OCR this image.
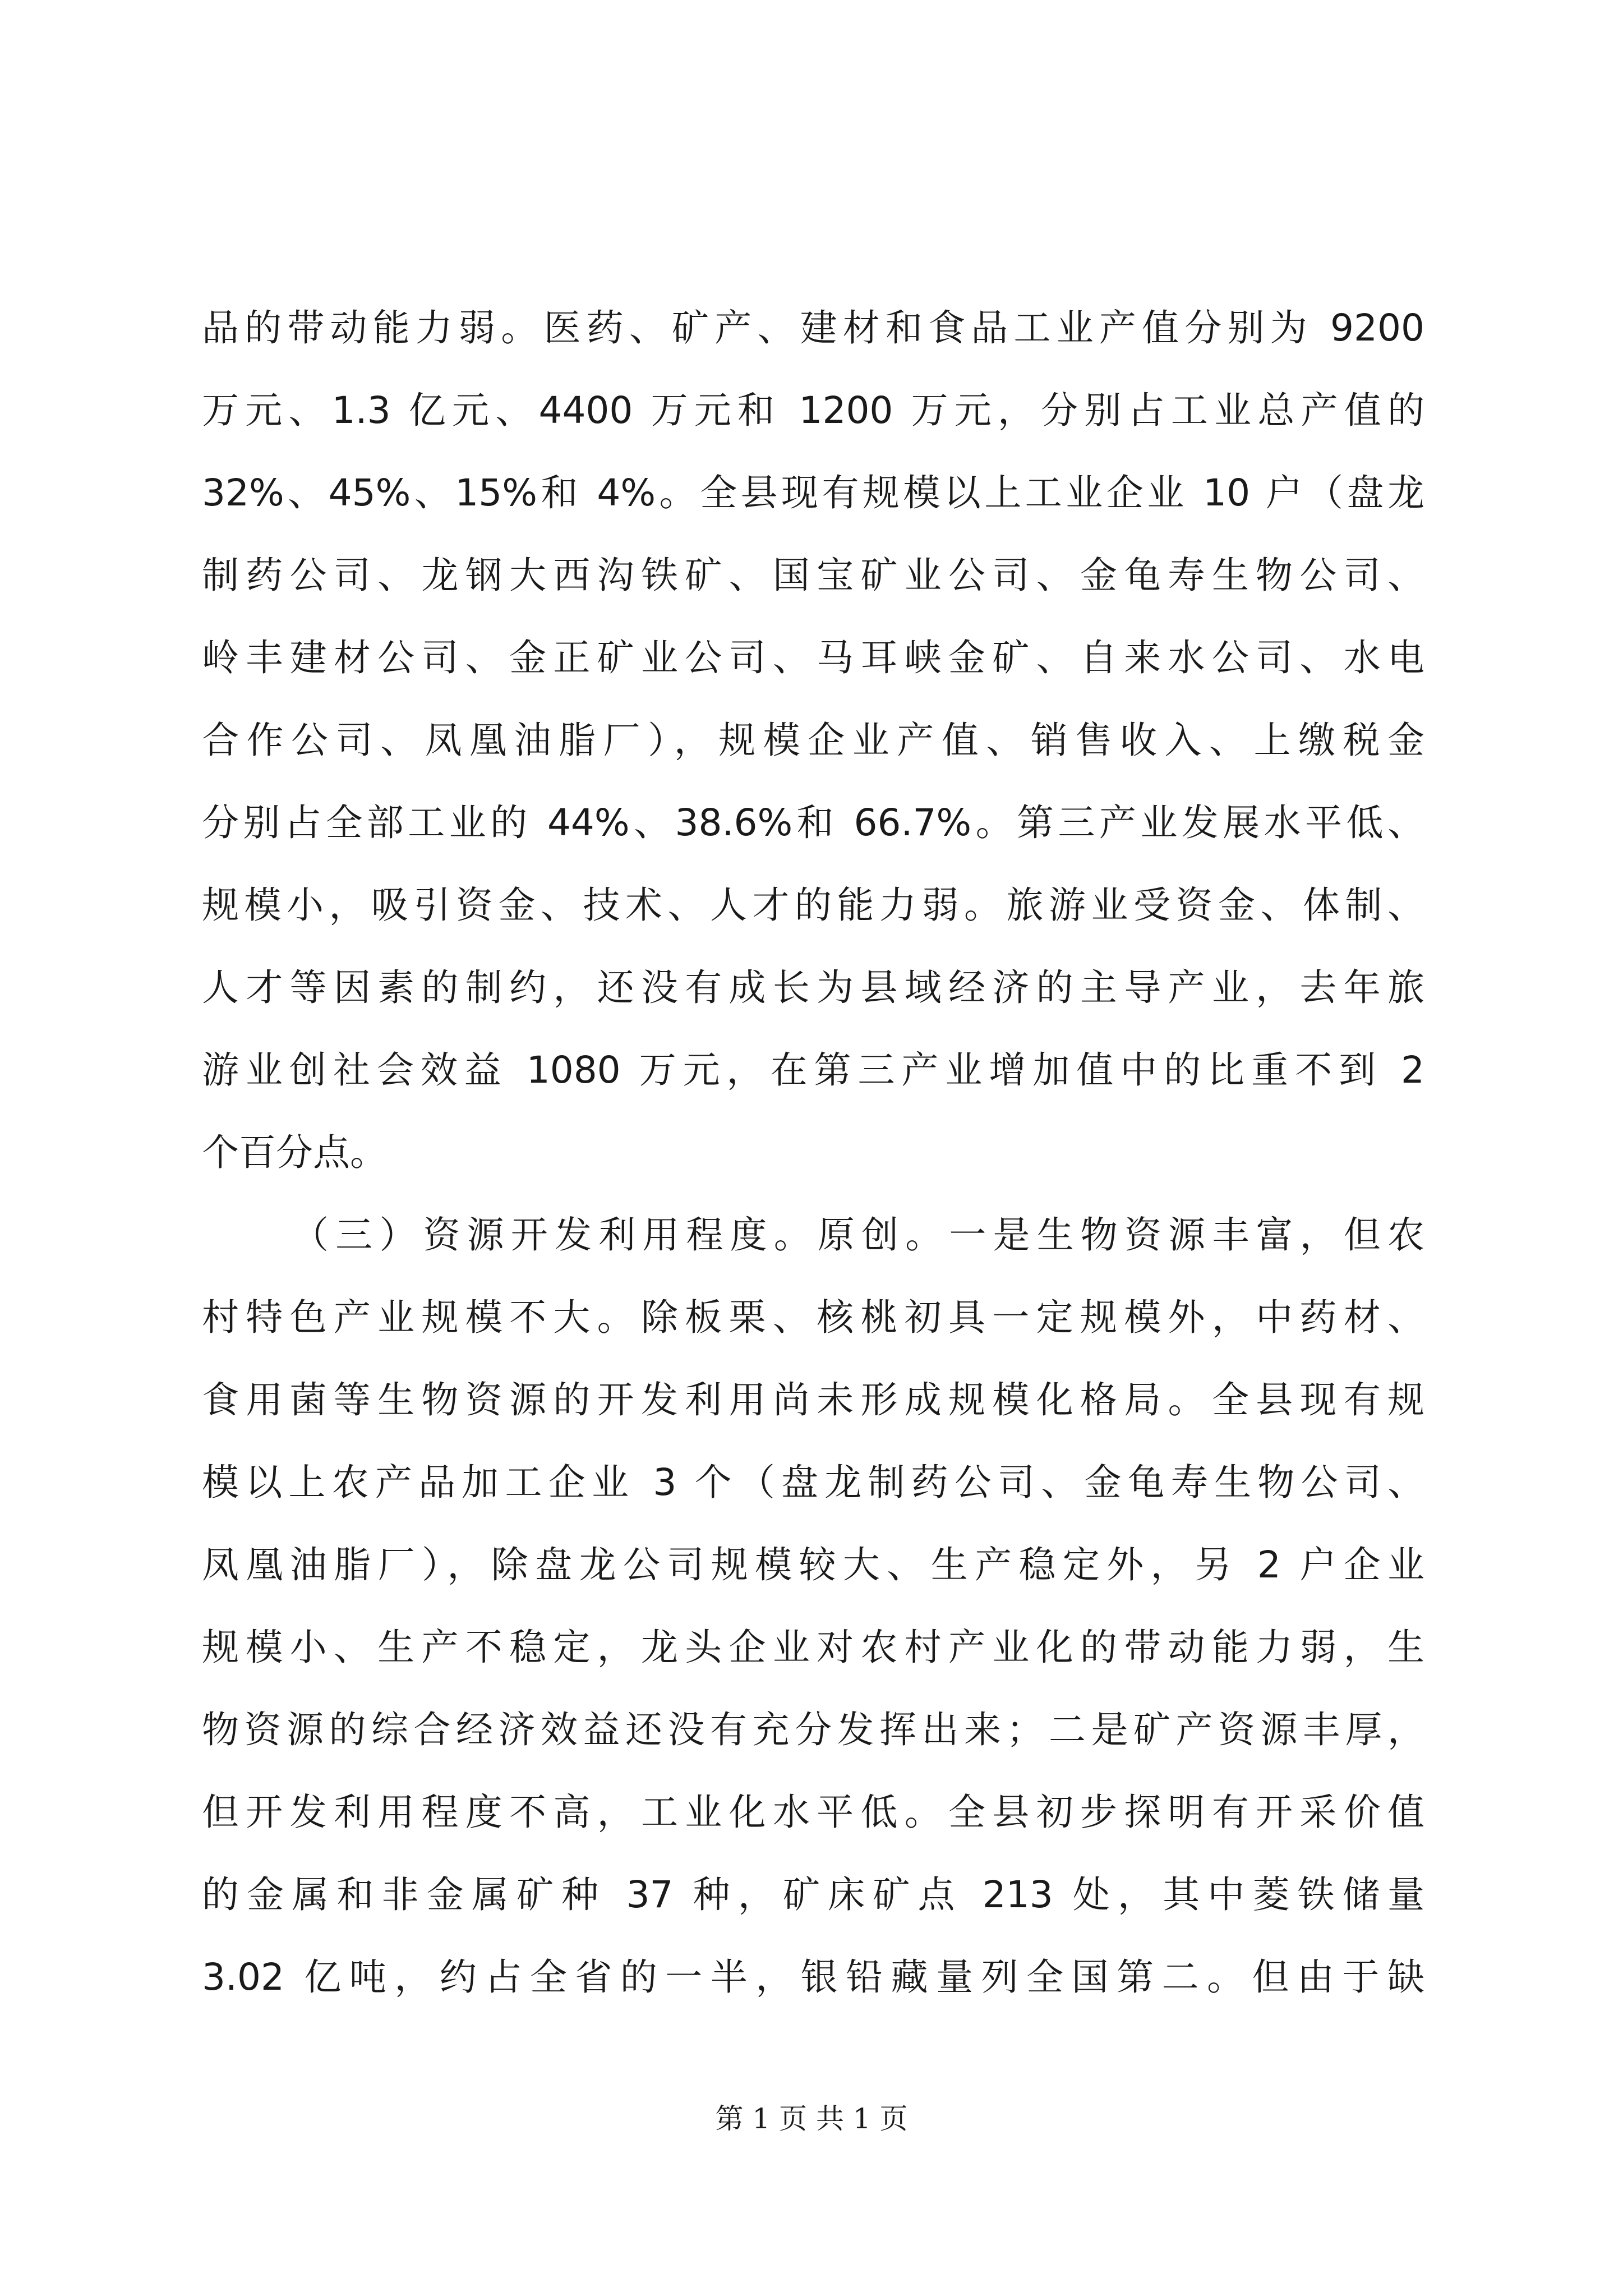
品的带动能力弱。医药、矿产、建材和食品工业产值分别为 9200
万元、1.3 亿元、4400 万元和 1200 万元，分别占工业总产值的
32%、45%、15%和 4%。全县现有规模以上工业企业 10 户（盘龙
制药公司、龙钢大西沟铁矿、国宝矿业公司、金龟寿生物公司、
岭丰建材公司、金正矿业公司、马耳峡金矿、自来水公司、水电
合作公司、凤凰油脂厂），规模企业产值、销售收入、上缴税金
分别占全部工业的 44%、38.6%和 66.7%。第三产业发展水平低、
规模小，吸引资金、技术、人才的能力弱。旅游业受资金、体制、
人才等因素的制约，还没有成长为县域经济的主导产业，去年旅
游业创社会效益 1080 万元，在第三产业增加值中的比重不到 2
个百分点。
（三）资源开发利用程度。原创。一是生物资源丰富，但农
村特色产业规模不大。除板栗、核桃初具一定规模外，中药材、
食用菌等生物资源的开发利用尚未形成规模化格局。全县现有规
模以上农产品加工企业 3 个（盘龙制药公司、金龟寿生物公司、
凤凰油脂厂），除盘龙公司规模较大、生产稳定外，另 2 户企业
规模小、生产不稳定，龙头企业对农村产业化的带动能力弱，生
物资源的综合经济效益还没有充分发挥出来；二是矿产资源丰厚，
但开发利用程度不高，工业化水平低。全县初步探明有开采价值
的金属和非金属矿种 37 种，矿床矿点 213 处，其中菱铁储量
3.02 亿吨，约占全省的一半，银铅藏量列全国第二。但由于缺
第 1 页 共 1 页
